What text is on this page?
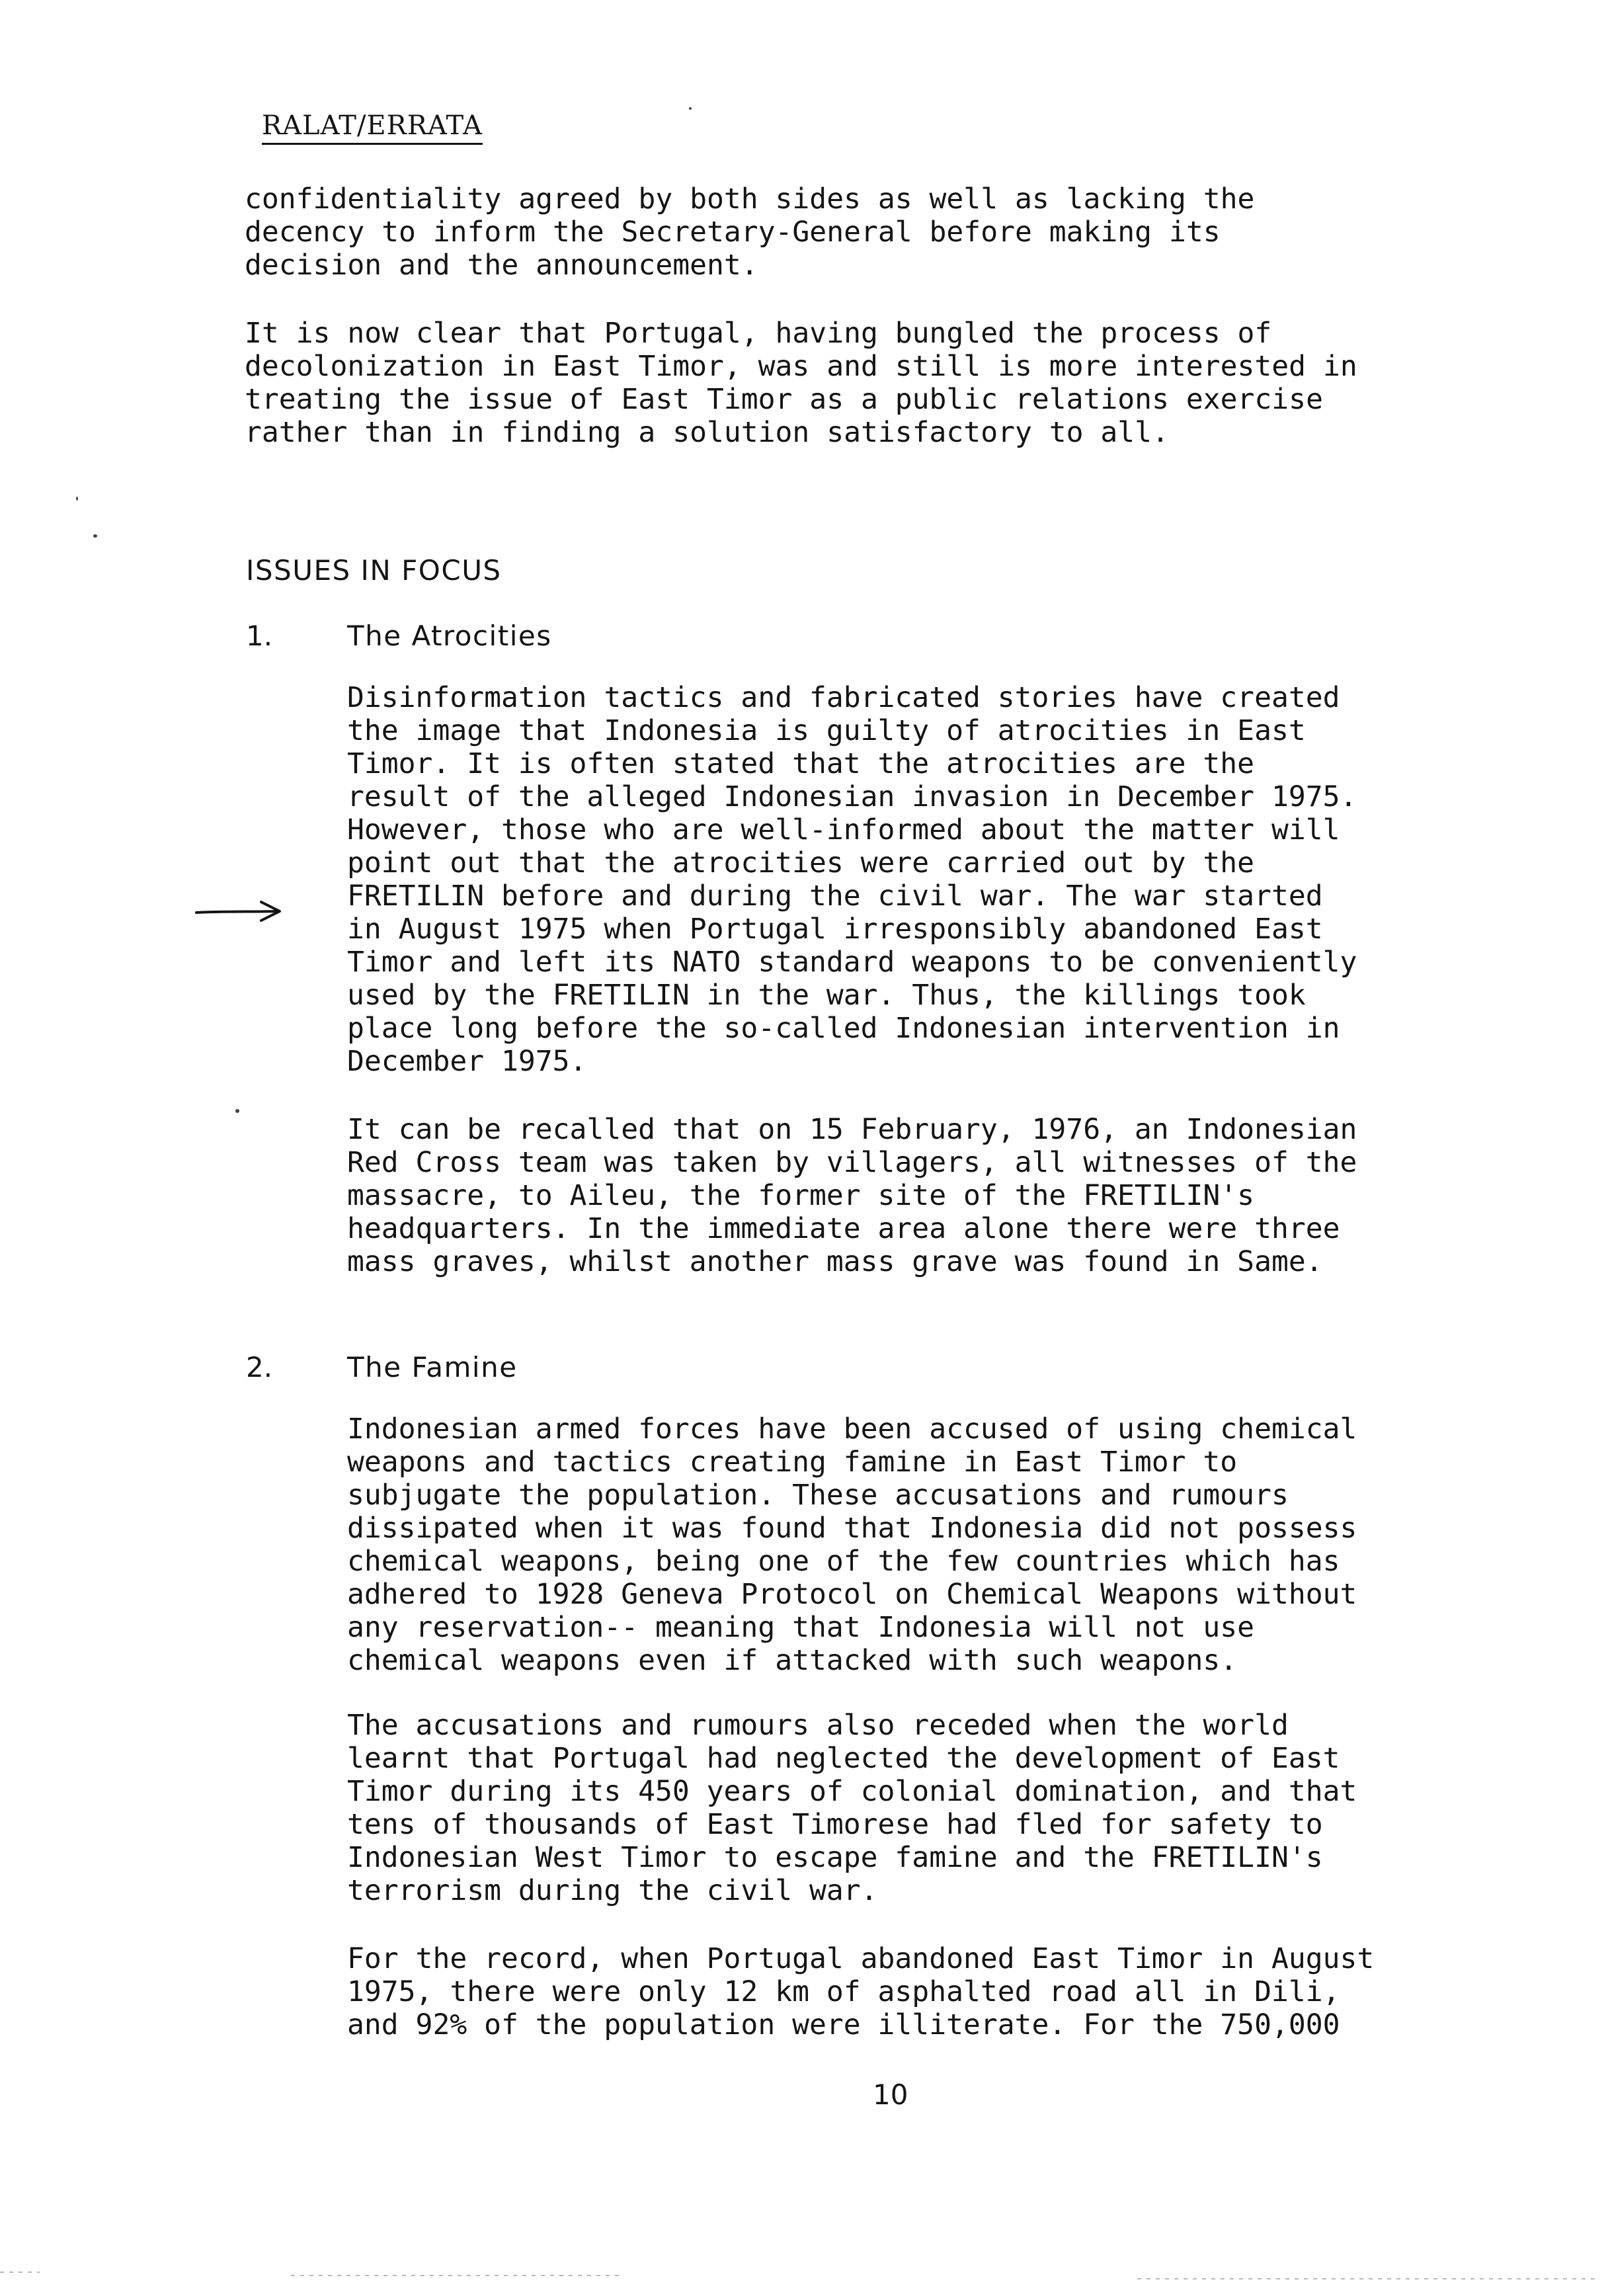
RALAT/ERRATA
confidentiality agreed by both sides as well as lacking the
decency to inform the Secretary-General before making its
decision and the announcement.
It is now clear that Portugal, having bungled the process of
decolonization in East Timor, was and still is more interested in
treating the issue of East Timor as a public relations exercise
rather than in finding a solution satisfactory to all.
ISSUES IN FOCUS
1.	The Atrocities
Disinformation tactics and fabricated stories have created
the image that Indonesia is guilty of atrocities in East
Timor. It is often stated that the atrocities are the
result of the alleged Indonesian invasion in December 1975.
However, those who are well-informed about the matter will
point out that the atrocities were carried out by the
FRETILIN before and during the civil war. The war started
in August 1975 when Portugal irresponsibly abandoned East
Timor and left its NATO standard weapons to be conveniently
used by the FRETILIN in the war. Thus, the killings took
place long before the so-called Indonesian intervention in
December 1975.
It can be recalled that on 15 February, 1976, an Indonesian
Red Cross team was taken by villagers, all witnesses of the
massacre, to Aileu, the former site of the FRETILIN's
headquarters. In the immediate area alone there were three
mass graves, whilst another mass grave was found in Same.
2.	The Famine
Indonesian armed forces have been accused of using chemical
weapons and tactics creating famine in East Timor to
subjugate the population. These accusations and rumours
dissipated when it was found that Indonesia did not possess
chemical weapons, being one of the few countries which has
adhered to 1928 Geneva Protocol on Chemical Weapons without
any reservation-- meaning that Indonesia will not use
chemical weapons even if attacked with such weapons.
The accusations and rumours also receded when the world
learnt that Portugal had neglected the development of East
Timor during its 450 years of colonial domination, and that
tens of thousands of East Timorese had fled for safety to
Indonesian West Timor to escape famine and the FRETILIN's
terrorism during the civil war.
For the record, when Portugal abandoned East Timor in August
1975, there were only 12 km of asphalted road all in Dili,
and 92% of the population were illiterate. For the 750,000
10
